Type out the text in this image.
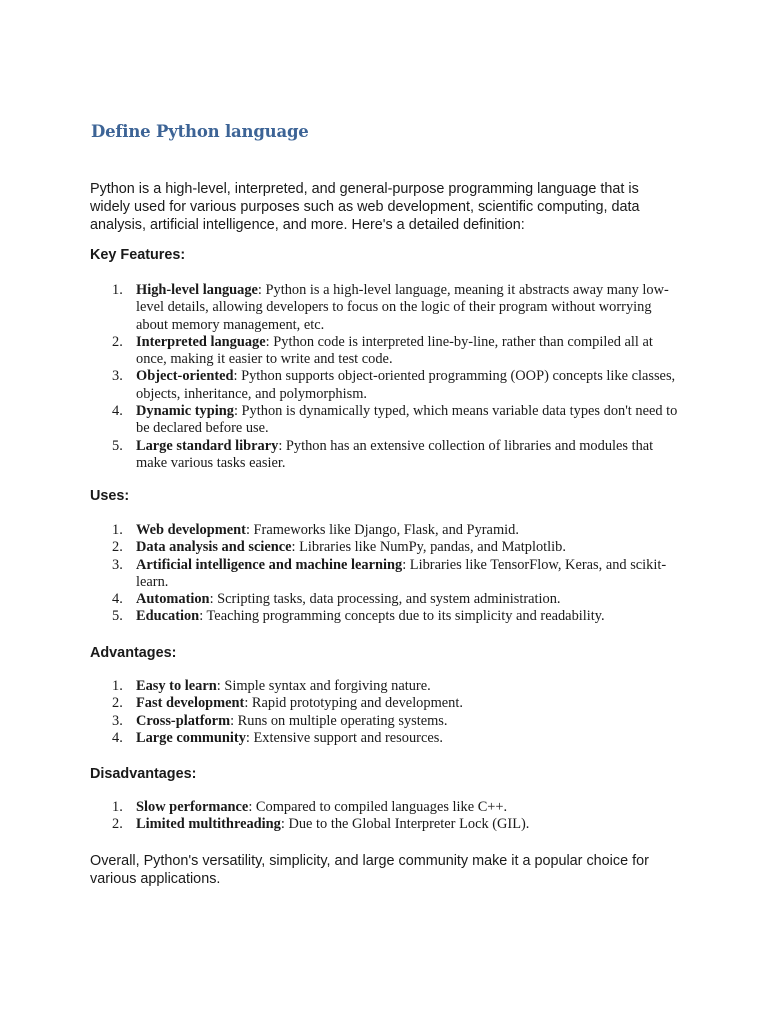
Define Python language

Python is a high-level, interpreted, and general-purpose programming language that is widely used for various purposes such as web development, scientific computing, data analysis, artificial intelligence, and more. Here's a detailed definition:

Key Features:

1. High-level language: Python is a high-level language, meaning it abstracts away many low-level details, allowing developers to focus on the logic of their program without worrying about memory management, etc.
2. Interpreted language: Python code is interpreted line-by-line, rather than compiled all at once, making it easier to write and test code.
3. Object-oriented: Python supports object-oriented programming (OOP) concepts like classes, objects, inheritance, and polymorphism.
4. Dynamic typing: Python is dynamically typed, which means variable data types don't need to be declared before use.
5. Large standard library: Python has an extensive collection of libraries and modules that make various tasks easier.

Uses:

1. Web development: Frameworks like Django, Flask, and Pyramid.
2. Data analysis and science: Libraries like NumPy, pandas, and Matplotlib.
3. Artificial intelligence and machine learning: Libraries like TensorFlow, Keras, and scikit-learn.
4. Automation: Scripting tasks, data processing, and system administration.
5. Education: Teaching programming concepts due to its simplicity and readability.

Advantages:

1. Easy to learn: Simple syntax and forgiving nature.
2. Fast development: Rapid prototyping and development.
3. Cross-platform: Runs on multiple operating systems.
4. Large community: Extensive support and resources.

Disadvantages:

1. Slow performance: Compared to compiled languages like C++.
2. Limited multithreading: Due to the Global Interpreter Lock (GIL).

Overall, Python's versatility, simplicity, and large community make it a popular choice for various applications.
